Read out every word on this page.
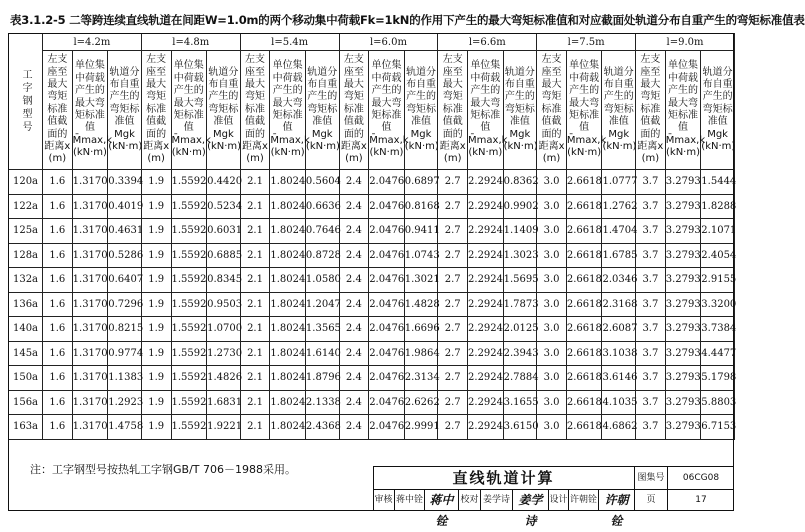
表3.1.2-5 二等跨连续直线轨道在间距W=1.0m的两个移动集中荷载Fk=1kN的作用下产生的最大弯矩标准值和对应截面处轨道分布自重产生的弯矩标准值表
工字钢型号	l=4.2m			l=4.8m			l=5.4m			l=6.0m			l=6.6m			l=7.5m			l=9.0m		
	左支座至最大弯矩标准值截面的距离x (m)	单位集中荷载产生的最大弯矩标准值M̄max,k (kN·m)	轨道分布自重产生的弯矩标准值Mgk (kN·m)	左支座至最大弯矩标准值截面的距离x (m)	单位集中荷载产生的最大弯矩标准值M̄max,k (kN·m)	轨道分布自重产生的弯矩标准值Mgk (kN·m)	左支座至最大弯矩标准值截面的距离x (m)	单位集中荷载产生的最大弯矩标准值M̄max,k (kN·m)	轨道分布自重产生的弯矩标准值Mgk (kN·m)	左支座至最大弯矩标准值截面的距离x (m)	单位集中荷载产生的最大弯矩标准值M̄max,k (kN·m)	轨道分布自重产生的弯矩标准值Mgk (kN·m)	左支座至最大弯矩标准值截面的距离x (m)	单位集中荷载产生的最大弯矩标准值M̄max,k (kN·m)	轨道分布自重产生的弯矩标准值Mgk (kN·m)	左支座至最大弯矩标准值截面的距离x (m)	单位集中荷载产生的最大弯矩标准值M̄max,k (kN·m)	轨道分布自重产生的弯矩标准值Mgk (kN·m)	左支座至最大弯矩标准值截面的距离x (m)	单位集中荷载产生的最大弯矩标准值M̄max,k (kN·m)	轨道分布自重产生的弯矩标准值Mgk (kN·m)
120a	1.6	1.3170	0.3394	1.9	1.5592	0.4420	2.1	1.8024	0.5604	2.4	2.0476	0.6897	2.7	2.2924	0.8362	3.0	2.6618	1.0777	3.7	3.2793	1.5444
122a	1.6	1.3170	0.4019	1.9	1.5592	0.5234	2.1	1.8024	0.6636	2.4	2.0476	0.8168	2.7	2.2924	0.9902	3.0	2.6618	1.2762	3.7	3.2793	1.8288
125a	1.6	1.3170	0.4631	1.9	1.5592	0.6031	2.1	1.8024	0.7646	2.4	2.0476	0.9411	2.7	2.2924	1.1409	3.0	2.6618	1.4704	3.7	3.2793	2.1071
128a	1.6	1.3170	0.5286	1.9	1.5592	0.6885	2.1	1.8024	0.8728	2.4	2.0476	1.0743	2.7	2.2924	1.3023	3.0	2.6618	1.6785	3.7	3.2793	2.4054
132a	1.6	1.3170	0.6407	1.9	1.5592	0.8345	2.1	1.8024	1.0580	2.4	2.0476	1.3021	2.7	2.2924	1.5695	3.0	2.6618	2.0346	3.7	3.2793	2.9155
136a	1.6	1.3170	0.7296	1.9	1.5592	0.9503	2.1	1.8024	1.2047	2.4	2.0476	1.4828	2.7	2.2924	1.7873	3.0	2.6618	2.3168	3.7	3.2793	3.3200
140a	1.6	1.3170	0.8215	1.9	1.5592	1.0700	2.1	1.8024	1.3565	2.4	2.0476	1.6696	2.7	2.2924	2.0125	3.0	2.6618	2.6087	3.7	3.2793	3.7384
145a	1.6	1.3170	0.9774	1.9	1.5592	1.2730	2.1	1.8024	1.6140	2.4	2.0476	1.9864	2.7	2.2924	2.3943	3.0	2.6618	3.1038	3.7	3.2793	4.4477
150a	1.6	1.3170	1.1383	1.9	1.5592	1.4826	2.1	1.8024	1.8796	2.4	2.0476	2.3134	2.7	2.2924	2.7884	3.0	2.6618	3.6146	3.7	3.2793	5.1798
156a	1.6	1.3170	1.2923	1.9	1.5592	1.6831	2.1	1.8024	2.1338	2.4	2.0476	2.6262	2.7	2.2924	3.1655	3.0	2.6618	4.1035	3.7	3.2793	5.8803
163a	1.6	1.3170	1.4758	1.9	1.5592	1.9221	2.1	1.8024	2.4368	2.4	2.0476	2.9991	2.7	2.2924	3.6150	3.0	2.6618	4.6862	3.7	3.2793	6.7153
注：工字钢型号按热轧工字钢GB/T 706－1988采用。	直线轨道计算	图集号	06CG08
审核 蒋中铨 蒋中铨
校对 姜学诗 姜学诗
设计 许朝铨 许朝铨
页	17
